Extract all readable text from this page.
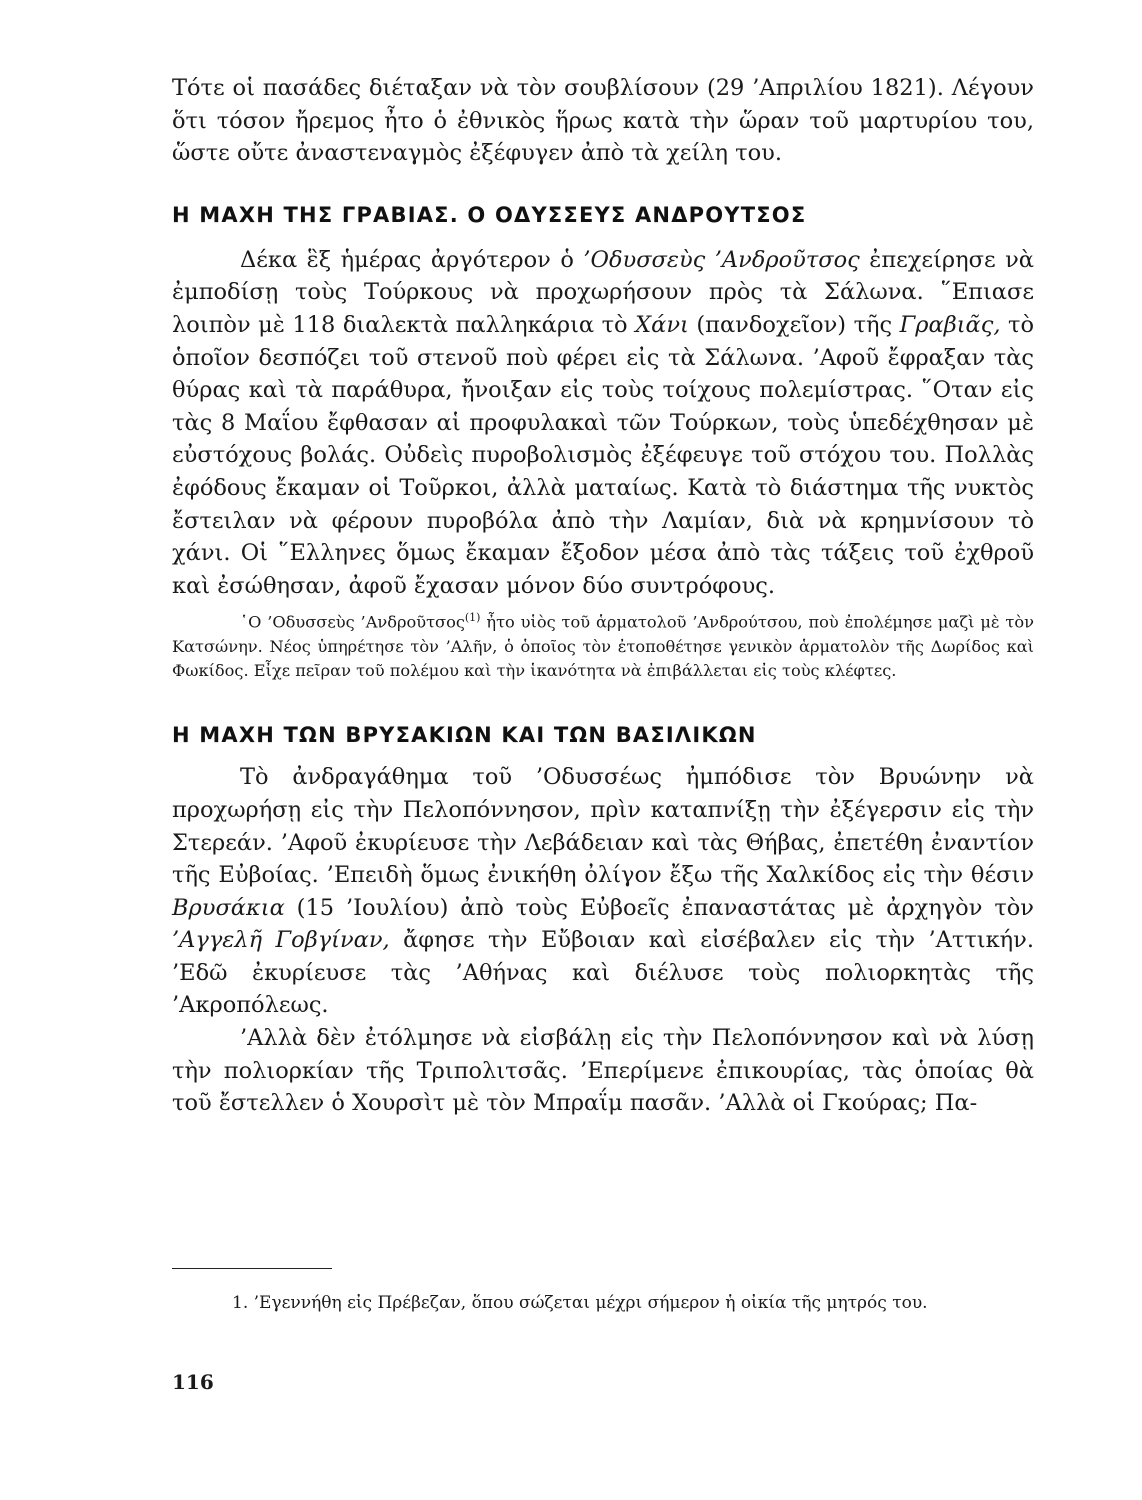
Τότε οἱ πασάδες διέταξαν νὰ τὸν σουβλίσουν (29 ’Απριλίου 1821). Λέγουν ὅτι τόσον ἤρεμος ἦτο ὁ ἐθνικὸς ἥρως κατὰ τὴν ὥραν τοῦ μαρτυρίου του, ὥστε οὔτε ἀναστεναγμὸς ἐξέφυγεν ἀπὸ τὰ χείλη του.

Η ΜΑΧΗ ΤΗΣ ΓΡΑΒΙΑΣ. Ο ΟΔΥΣΣΕΥΣ ΑΝΔΡΟΥΤΣΟΣ

Δέκα ἓξ ἡμέρας ἀργότερον ὁ ’Οδυσσεὺς ’Ανδροῦτσος ἐπεχείρησε νὰ ἐμποδίσῃ τοὺς Τούρκους νὰ προχωρήσουν πρὸς τὰ Σάλωνα. ῞Επιασε λοιπὸν μὲ 118 διαλεκτὰ παλληκάρια τὸ Χάνι (πανδοχεῖον) τῆς Γραβιᾶς, τὸ ὁποῖον δεσπόζει τοῦ στενοῦ ποὺ φέρει εἰς τὰ Σάλωνα. ’Αφοῦ ἔφραξαν τὰς θύρας καὶ τὰ παράθυρα, ἤνοιξαν εἰς τοὺς τοίχους πολεμίστρας. ῞Οταν εἰς τὰς 8 Μαΐου ἔφθασαν αἱ προφυλακαὶ τῶν Τούρκων, τοὺς ὑπεδέχθησαν μὲ εὐστόχους βολάς. Οὐδεὶς πυροβολισμὸς ἐξέφευγε τοῦ στόχου του. Πολλὰς ἐφόδους ἔκαμαν οἱ Τοῦρκοι, ἀλλὰ ματαίως. Κατὰ τὸ διάστημα τῆς νυκτὸς ἔστειλαν νὰ φέρουν πυροβόλα ἀπὸ τὴν Λαμίαν, διὰ νὰ κρημνίσουν τὸ χάνι. Οἱ ῞Ελληνες ὅμως ἔκαμαν ἔξοδον μέσα ἀπὸ τὰς τάξεις τοῦ ἐχθροῦ καὶ ἐσώθησαν, ἀφοῦ ἔχασαν μόνον δύο συντρόφους.

῾Ο ’Οδυσσεὺς ’Ανδροῦτσος$^{(1)}$ ἦτο υἱὸς τοῦ ἁρματολοῦ ’Ανδρούτσου, ποὺ ἐπολέμησε μαζὶ μὲ τὸν Κατσώνην. Νέος ὑπηρέτησε τὸν ’Αλῆν, ὁ ὁποῖος τὸν ἐτοποθέτησε γενικὸν ἁρματολὸν τῆς Δωρίδος καὶ Φωκίδος. Εἶχε πεῖραν τοῦ πολέμου καὶ τὴν ἱκανότητα νὰ ἐπιβάλλεται εἰς τοὺς κλέφτες.

Η ΜΑΧΗ ΤΩΝ ΒΡΥΣΑΚΙΩΝ ΚΑΙ ΤΩΝ ΒΑΣΙΛΙΚΩΝ

Τὸ ἀνδραγάθημα τοῦ ’Οδυσσέως ἠμπόδισε τὸν Βρυώνην νὰ προχωρήσῃ εἰς τὴν Πελοπόννησον, πρὶν καταπνίξῃ τὴν ἐξέγερσιν εἰς τὴν Στερεάν. ’Αφοῦ ἐκυρίευσε τὴν Λεβάδειαν καὶ τὰς Θήβας, ἐπετέθη ἐναντίον τῆς Εὐβοίας. ’Επειδὴ ὅμως ἐνικήθη ὀλίγον ἔξω τῆς Χαλκίδος εἰς τὴν θέσιν Βρυσάκια (15 ’Ιουλίου) ἀπὸ τοὺς Εὐβοεῖς ἐπαναστάτας μὲ ἀρχηγὸν τὸν ’Αγγελῆ Γοβγίναν, ἄφησε τὴν Εὔβοιαν καὶ εἰσέβαλεν εἰς τὴν ’Αττικήν. ’Εδῶ ἐκυρίευσε τὰς ’Αθήνας καὶ διέλυσε τοὺς πολιορκητὰς τῆς ’Ακροπόλεως.

’Αλλὰ δὲν ἐτόλμησε νὰ εἰσβάλῃ εἰς τὴν Πελοπόννησον καὶ νὰ λύσῃ τὴν πολιορκίαν τῆς Τριπολιτσᾶς. ’Επερίμενε ἐπικουρίας, τὰς ὁποίας θὰ τοῦ ἔστελλεν ὁ Χουρσὶτ μὲ τὸν Μπραΐμ πασᾶν. ’Αλλὰ οἱ Γκούρας; Πα-

1. ’Εγεννήθη εἰς Πρέβεζαν, ὅπου σώζεται μέχρι σήμερον ἡ οἰκία τῆς μητρός του.

116
